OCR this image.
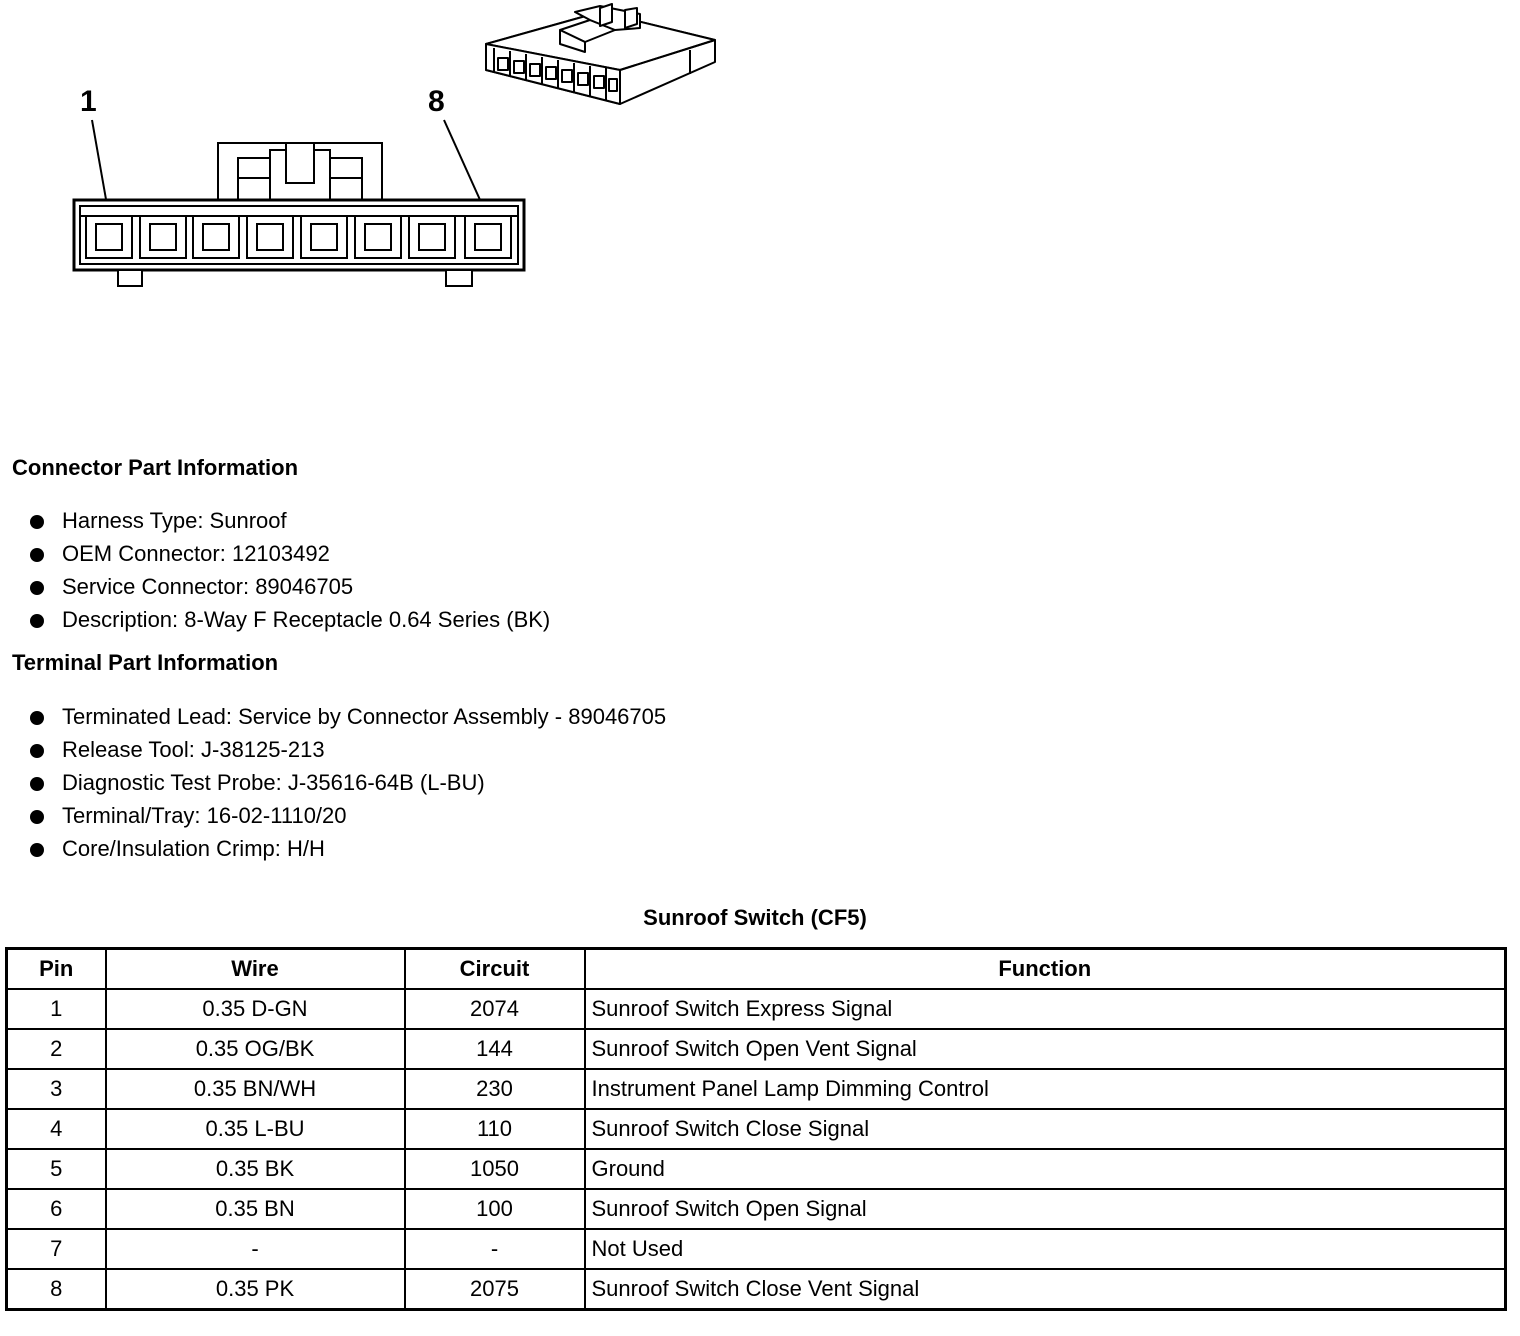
1	8
Connector Part Information
Harness Type: Sunroof
OEM Connector: 12103492
Service Connector: 89046705
Description: 8-Way F Receptacle 0.64 Series (BK)
Terminal Part Information
Terminated Lead: Service by Connector Assembly - 89046705
Release Tool: J-38125-213
Diagnostic Test Probe: J-35616-64B (L-BU)
Terminal/Tray: 16-02-1110/20
Core/Insulation Crimp: H/H
Sunroof Switch (CF5)
Pin	Wire	Circuit	Function
1	0.35 D-GN	2074	Sunroof Switch Express Signal
2	0.35 OG/BK	144	Sunroof Switch Open Vent Signal
3	0.35 BN/WH	230	Instrument Panel Lamp Dimming Control
4	0.35 L-BU	110	Sunroof Switch Close Signal
5	0.35 BK	1050	Ground
6	0.35 BN	100	Sunroof Switch Open Signal
7	-	-	Not Used
8	0.35 PK	2075	Sunroof Switch Close Vent Signal
